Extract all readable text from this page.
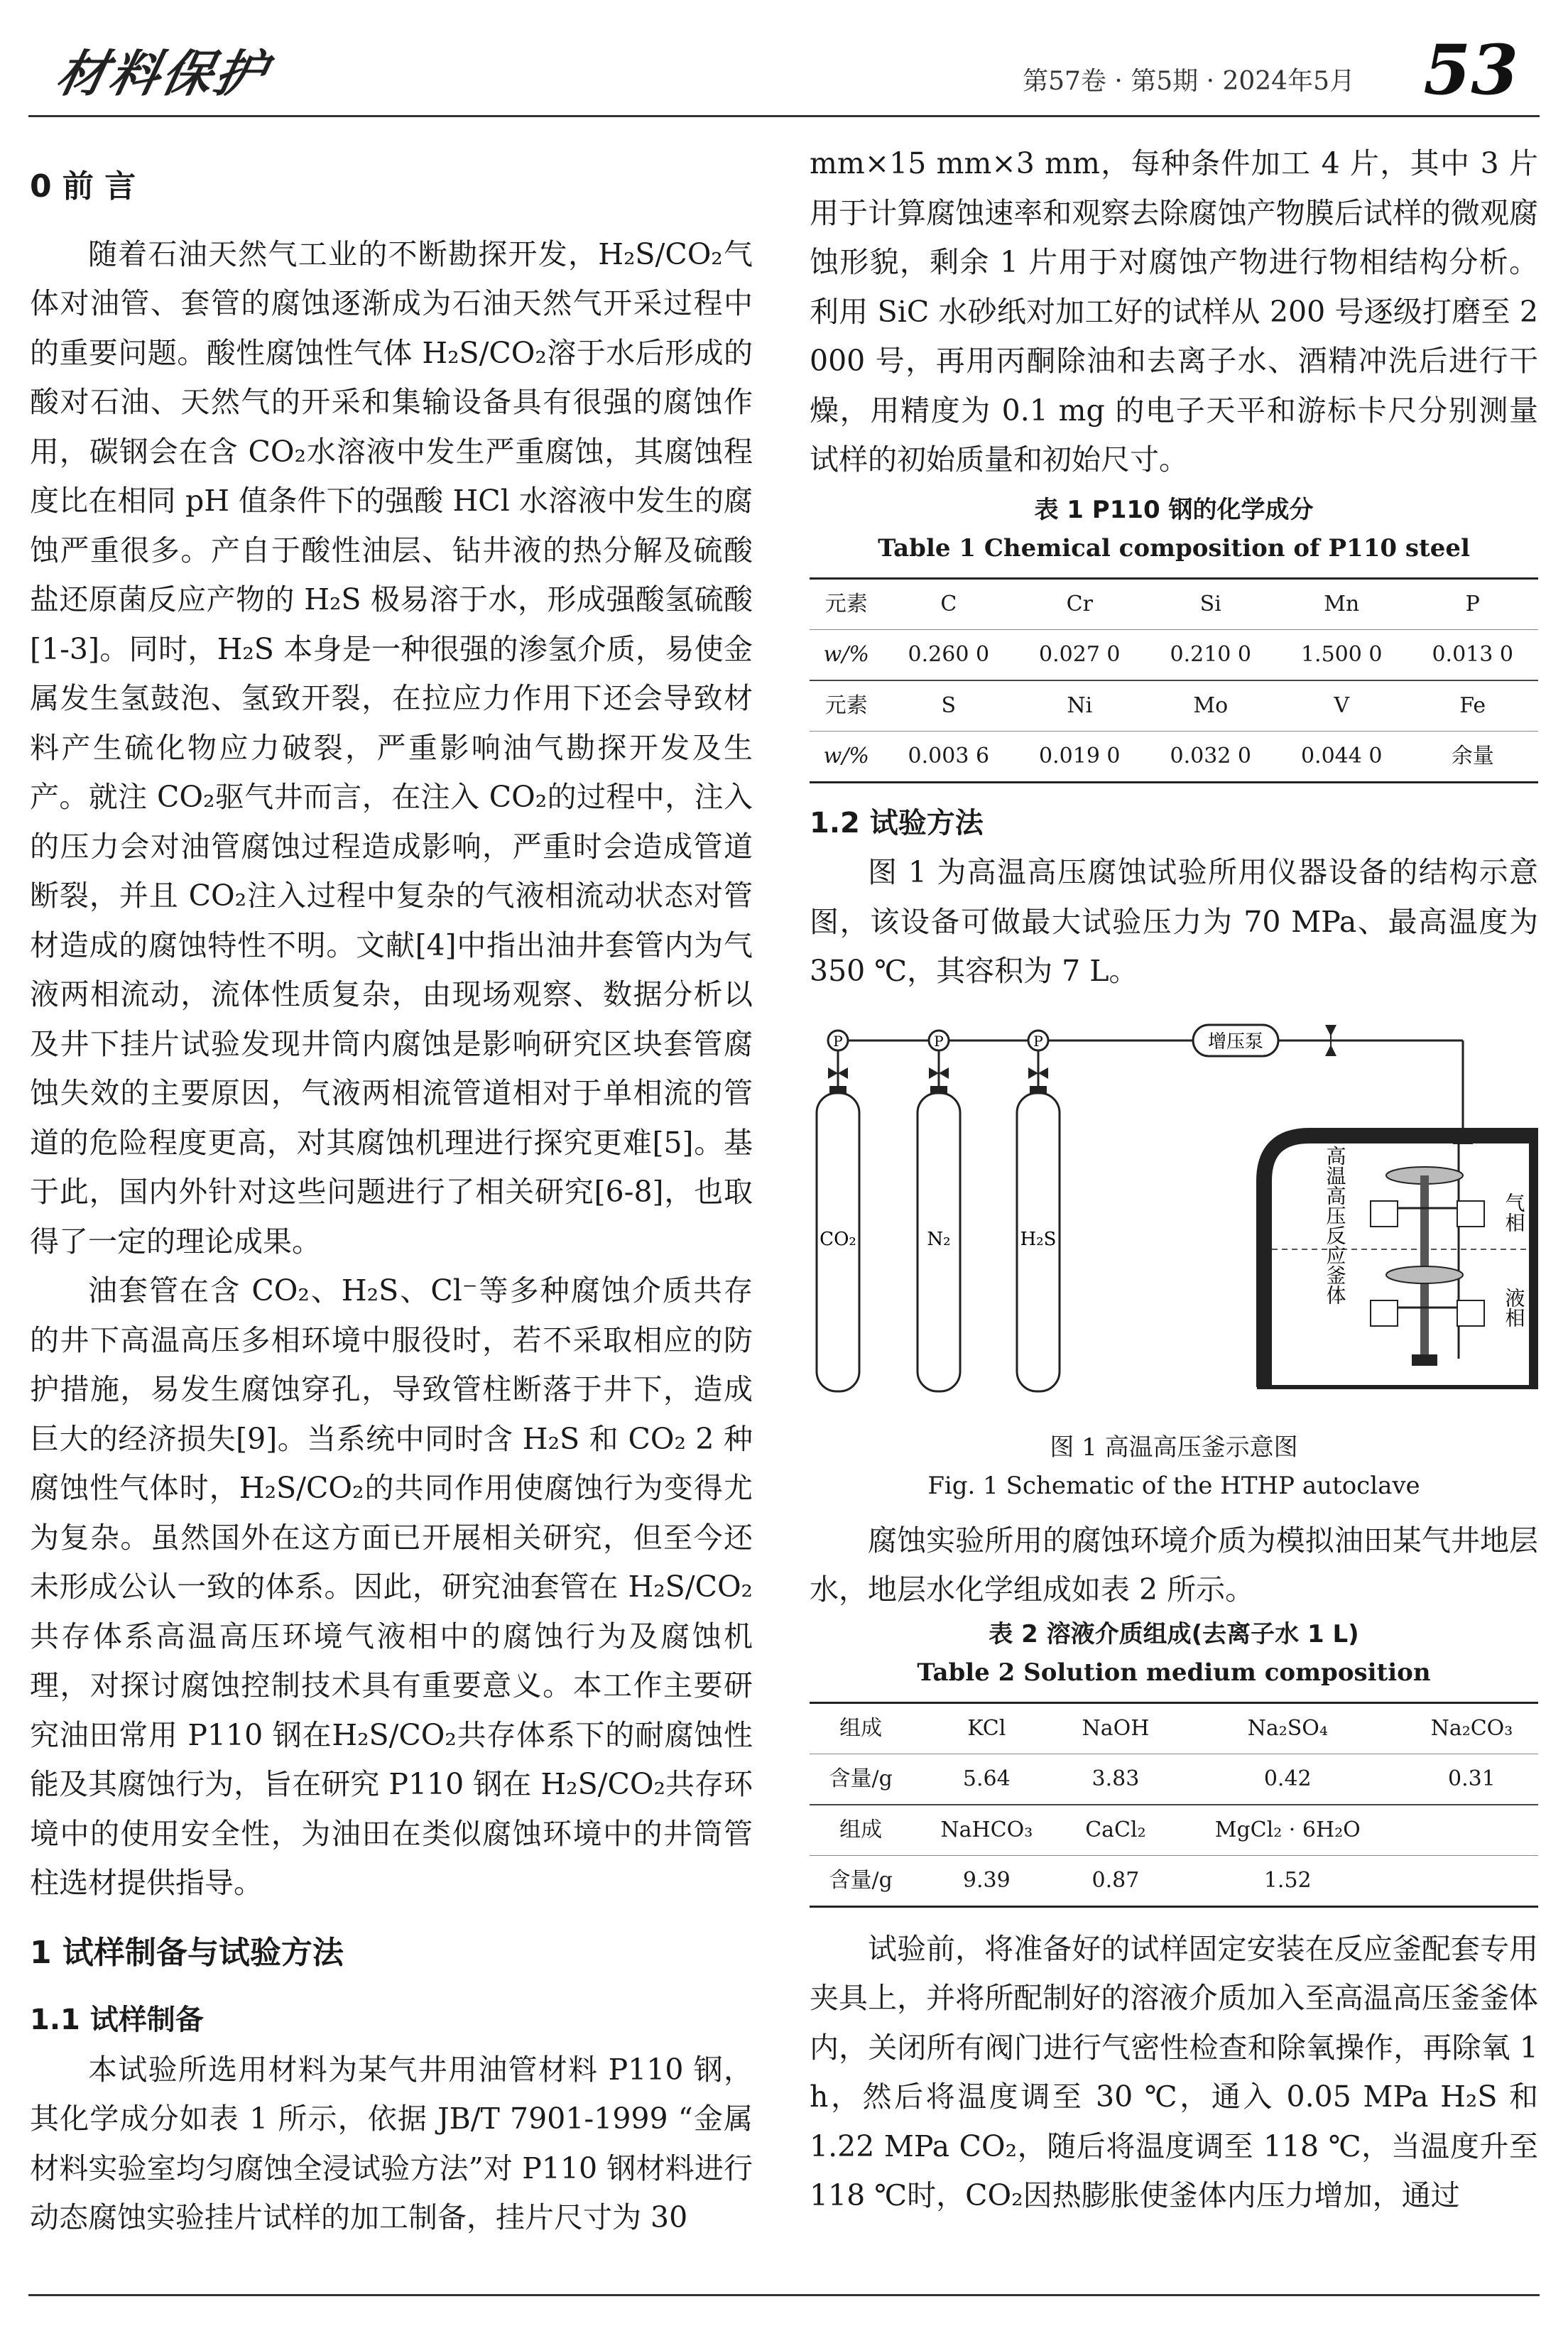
材料保护	第57卷 · 第5期 · 2024年5月 53

0 前 言

随着石油天然气工业的不断勘探开发，H₂S/CO₂气体对油管、套管的腐蚀逐渐成为石油天然气开采过程中的重要问题。酸性腐蚀性气体 H₂S/CO₂溶于水后形成的酸对石油、天然气的开采和集输设备具有很强的腐蚀作用，碳钢会在含 CO₂水溶液中发生严重腐蚀，其腐蚀程度比在相同 pH 值条件下的强酸 HCl 水溶液中发生的腐蚀严重很多。产自于酸性油层、钻井液的热分解及硫酸盐还原菌反应产物的 H₂S 极易溶于水，形成强酸氢硫酸[1-3]。同时，H₂S 本身是一种很强的渗氢介质，易使金属发生氢鼓泡、氢致开裂，在拉应力作用下还会导致材料产生硫化物应力破裂，严重影响油气勘探开发及生产。就注 CO₂驱气井而言，在注入 CO₂的过程中，注入的压力会对油管腐蚀过程造成影响，严重时会造成管道断裂，并且 CO₂注入过程中复杂的气液相流动状态对管材造成的腐蚀特性不明。文献[4]中指出油井套管内为气液两相流动，流体性质复杂，由现场观察、数据分析以及井下挂片试验发现井筒内腐蚀是影响研究区块套管腐蚀失效的主要原因，气液两相流管道相对于单相流的管道的危险程度更高，对其腐蚀机理进行探究更难[5]。基于此，国内外针对这些问题进行了相关研究[6-8]，也取得了一定的理论成果。

油套管在含 CO₂、H₂S、Cl⁻等多种腐蚀介质共存的井下高温高压多相环境中服役时，若不采取相应的防护措施，易发生腐蚀穿孔，导致管柱断落于井下，造成巨大的经济损失[9]。当系统中同时含 H₂S 和 CO₂ 2 种腐蚀性气体时，H₂S/CO₂的共同作用使腐蚀行为变得尤为复杂。虽然国外在这方面已开展相关研究，但至今还未形成公认一致的体系。因此，研究油套管在 H₂S/CO₂共存体系高温高压环境气液相中的腐蚀行为及腐蚀机理，对探讨腐蚀控制技术具有重要意义。本工作主要研究油田常用 P110 钢在H₂S/CO₂共存体系下的耐腐蚀性能及其腐蚀行为，旨在研究 P110 钢在 H₂S/CO₂共存环境中的使用安全性，为油田在类似腐蚀环境中的井筒管柱选材提供指导。

1 试样制备与试验方法

1.1 试样制备

本试验所选用材料为某气井用油管材料 P110 钢，其化学成分如表 1 所示，依据 JB/T 7901-1999 “金属材料实验室均匀腐蚀全浸试验方法”对 P110 钢材料进行动态腐蚀实验挂片试样的加工制备，挂片尺寸为 30

mm×15 mm×3 mm，每种条件加工 4 片，其中 3 片用于计算腐蚀速率和观察去除腐蚀产物膜后试样的微观腐蚀形貌，剩余 1 片用于对腐蚀产物进行物相结构分析。利用 SiC 水砂纸对加工好的试样从 200 号逐级打磨至 2 000 号，再用丙酮除油和去离子水、酒精冲洗后进行干燥，用精度为 0.1 mg 的电子天平和游标卡尺分别测量试样的初始质量和初始尺寸。

表 1 P110 钢的化学成分
Table 1 Chemical composition of P110 steel
元素	C	Cr	Si	Mn	P
w/%	0.260 0	0.027 0	0.210 0	1.500 0	0.013 0
元素	S	Ni	Mo	V	Fe
w/%	0.003 6	0.019 0	0.032 0	0.044 0	余量

1.2 试验方法

图 1 为高温高压腐蚀试验所用仪器设备的结构示意图，该设备可做最大试验压力为 70 MPa、最高温度为 350 ℃，其容积为 7 L。

P	P	P
CO₂	N₂	H₂S
增压泵
高温高压反应釜体	气相
液相
图 1 高温高压釜示意图
Fig. 1 Schematic of the HTHP autoclave

腐蚀实验所用的腐蚀环境介质为模拟油田某气井地层水，地层水化学组成如表 2 所示。

表 2 溶液介质组成(去离子水 1 L)
Table 2 Solution medium composition
组成	KCl	NaOH	Na₂SO₄	Na₂CO₃
含量/g	5.64	3.83	0.42	0.31
组成	NaHCO₃	CaCl₂	MgCl₂ · 6H₂O	
含量/g	9.39	0.87	1.52	

试验前，将准备好的试样固定安装在反应釜配套专用夹具上，并将所配制好的溶液介质加入至高温高压釜釜体内，关闭所有阀门进行气密性检查和除氧操作，再除氧 1 h，然后将温度调至 30 ℃，通入 0.05 MPa H₂S 和 1.22 MPa CO₂，随后将温度调至 118 ℃，当温度升至 118 ℃时，CO₂因热膨胀使釜体内压力增加，通过
